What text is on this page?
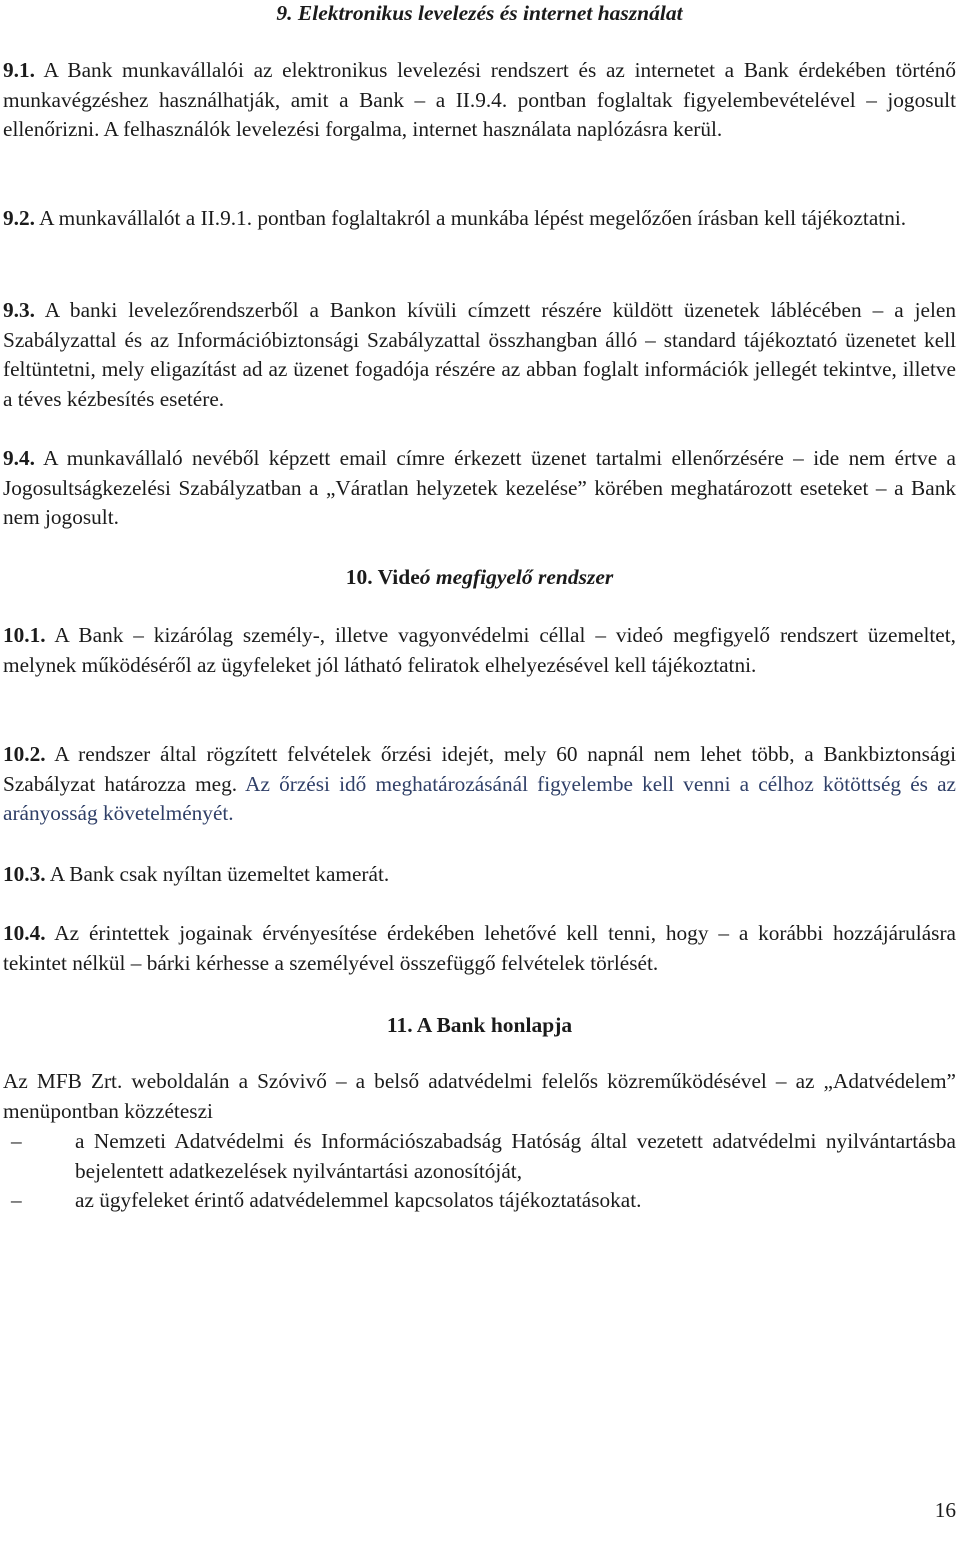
9. Elektronikus levelezés és internet használat

9.1. A Bank munkavállalói az elektronikus levelezési rendszert és az internetet a Bank érdekében történő munkavégzéshez használhatják, amit a Bank – a II.9.4. pontban foglaltak figyelembevételével – jogosult ellenőrizni. A felhasználók levelezési forgalma, internet használata naplózásra kerül.

9.2. A munkavállalót a II.9.1. pontban foglaltakról a munkába lépést megelőzően írásban kell tájékoztatni.

9.3. A banki levelezőrendszerből a Bankon kívüli címzett részére küldött üzenetek láblécében – a jelen Szabályzattal és az Információbiztonsági Szabályzattal összhangban álló – standard tájékoztató üzenetet kell feltüntetni, mely eligazítást ad az üzenet fogadója részére az abban foglalt információk jellegét tekintve, illetve a téves kézbesítés esetére.

9.4. A munkavállaló nevéből képzett email címre érkezett üzenet tartalmi ellenőrzésére – ide nem értve a Jogosultságkezelési Szabályzatban a „Váratlan helyzetek kezelése” körében meghatározott eseteket – a Bank nem jogosult.

10. Videó megfigyelő rendszer

10.1. A Bank – kizárólag személy-, illetve vagyonvédelmi céllal – videó megfigyelő rendszert üzemeltet, melynek működéséről az ügyfeleket jól látható feliratok elhelyezésével kell tájékoztatni.

10.2. A rendszer által rögzített felvételek őrzési idejét, mely 60 napnál nem lehet több, a Bankbiztonsági Szabályzat határozza meg. Az őrzési idő meghatározásánál figyelembe kell venni a célhoz kötöttség és az arányosság követelményét.

10.3. A Bank csak nyíltan üzemeltet kamerát.

10.4. Az érintettek jogainak érvényesítése érdekében lehetővé kell tenni, hogy – a korábbi hozzájárulásra tekintet nélkül – bárki kérhesse a személyével összefüggő felvételek törlését.

11. A Bank honlapja

Az MFB Zrt. weboldalán a Szóvivő – a belső adatvédelmi felelős közreműködésével – az „Adatvédelem” menüpontban közzéteszi

–	a Nemzeti Adatvédelmi és Információszabadság Hatóság által vezetett adatvédelmi nyilvántartásba bejelentett adatkezelések nyilvántartási azonosítóját,
–	az ügyfeleket érintő adatvédelemmel kapcsolatos tájékoztatásokat.
16
